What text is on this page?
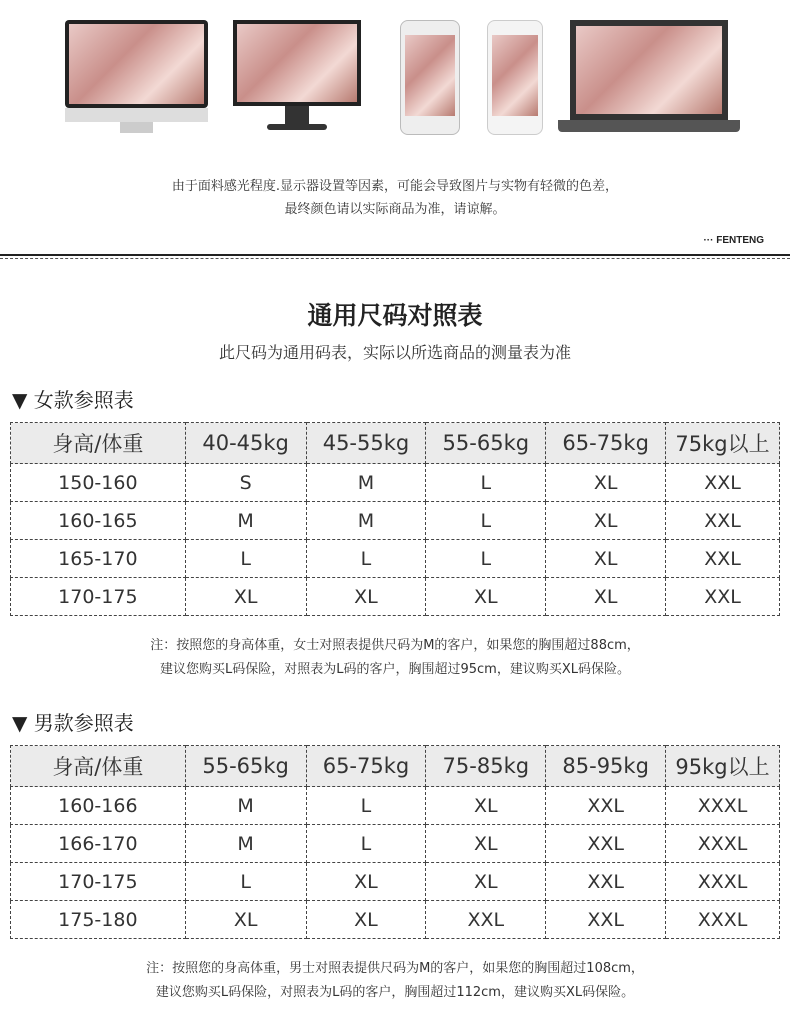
由于面料感光程度.显示器设置等因素，可能会导致图片与实物有轻微的色差，
最终颜色请以实际商品为准，请谅解。
··· FENTENG
通用尺码对照表
此尺码为通用码表，实际以所选商品的测量表为准
▼ 女款参照表
身高/体重	40-45kg	45-55kg	55-65kg	65-75kg	75kg以上
150-160	S	M	L	XL	XXL
160-165	M	M	L	XL	XXL
165-170	L	L	L	XL	XXL
170-175	XL	XL	XL	XL	XXL
注：按照您的身高体重，女士对照表提供尺码为M的客户，如果您的胸围超过88cm，
建议您购买L码保险，对照表为L码的客户，胸围超过95cm，建议购买XL码保险。
▼ 男款参照表
身高/体重	55-65kg	65-75kg	75-85kg	85-95kg	95kg以上
160-166	M	L	XL	XXL	XXXL
166-170	M	L	XL	XXL	XXXL
170-175	L	XL	XL	XXL	XXXL
175-180	XL	XL	XXL	XXL	XXXL
注：按照您的身高体重，男士对照表提供尺码为M的客户，如果您的胸围超过108cm，
建议您购买L码保险，对照表为L码的客户，胸围超过112cm，建议购买XL码保险。
